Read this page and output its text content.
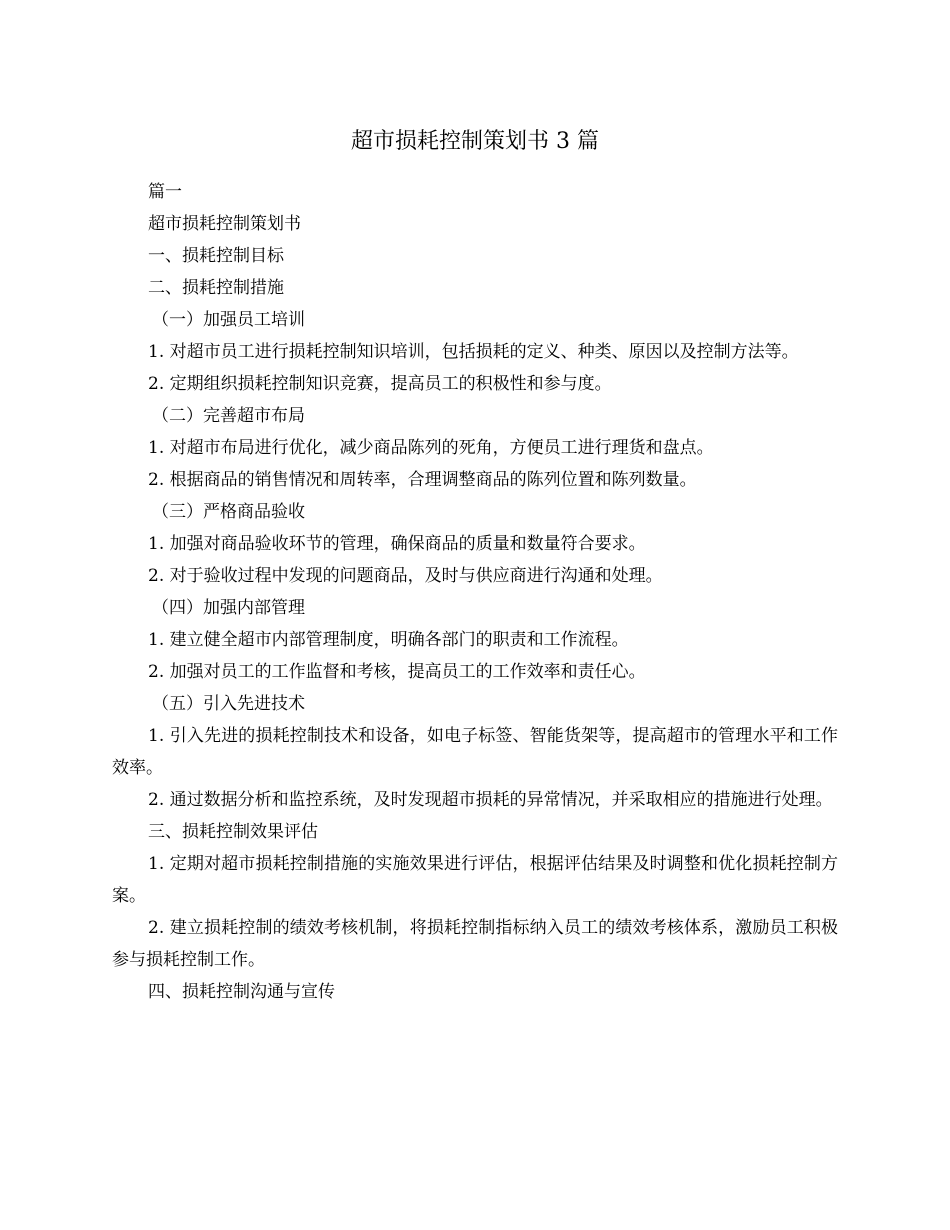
超市损耗控制策划书 3 篇

篇一

超市损耗控制策划书

一、损耗控制目标

二、损耗控制措施

（一）加强员工培训

1. 对超市员工进行损耗控制知识培训，包括损耗的定义、种类、原因以及控制方法等。

2. 定期组织损耗控制知识竞赛，提高员工的积极性和参与度。

（二）完善超市布局

1. 对超市布局进行优化，减少商品陈列的死角，方便员工进行理货和盘点。

2. 根据商品的销售情况和周转率，合理调整商品的陈列位置和陈列数量。

（三）严格商品验收

1. 加强对商品验收环节的管理，确保商品的质量和数量符合要求。

2. 对于验收过程中发现的问题商品，及时与供应商进行沟通和处理。

（四）加强内部管理

1. 建立健全超市内部管理制度，明确各部门的职责和工作流程。

2. 加强对员工的工作监督和考核，提高员工的工作效率和责任心。

（五）引入先进技术

1. 引入先进的损耗控制技术和设备，如电子标签、智能货架等，提高超市的管理水平和工作效率。

2. 通过数据分析和监控系统，及时发现超市损耗的异常情况，并采取相应的措施进行处理。

三、损耗控制效果评估

1. 定期对超市损耗控制措施的实施效果进行评估，根据评估结果及时调整和优化损耗控制方案。

2. 建立损耗控制的绩效考核机制，将损耗控制指标纳入员工的绩效考核体系，激励员工积极参与损耗控制工作。

四、损耗控制沟通与宣传
